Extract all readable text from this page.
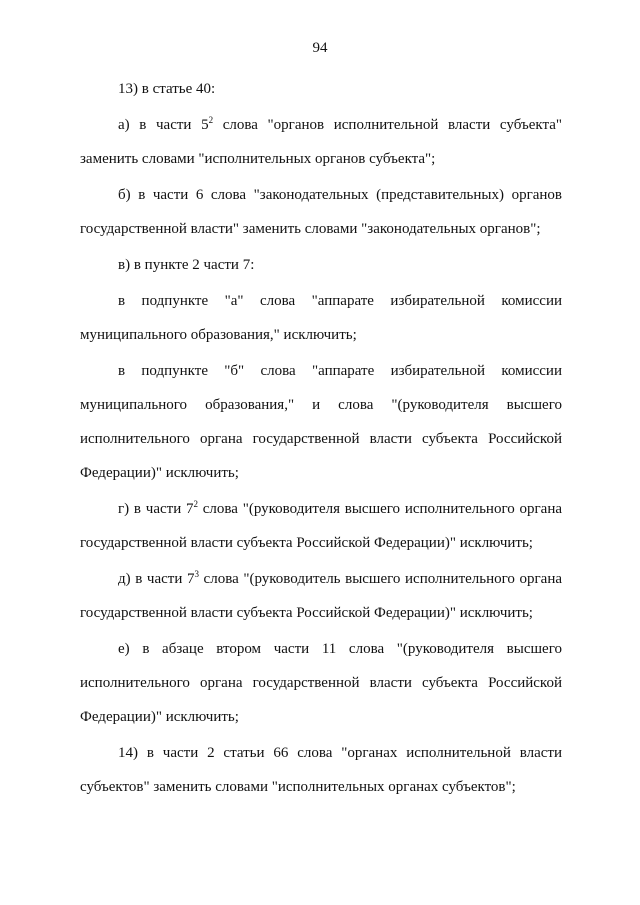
94
13) в статье 40:
а) в части $5^2$ слова "органов исполнительной власти субъекта"
заменить словами "исполнительных органов субъекта";
б) в части 6 слова "законодательных (представительных) органов
государственной власти" заменить словами "законодательных органов";
в) в пункте 2 части 7:
в подпункте "а" слова "аппарате избирательной комиссии
муниципального образования," исключить;
в подпункте "б" слова "аппарате избирательной комиссии
муниципального образования," и слова "(руководителя высшего
исполнительного органа государственной власти субъекта Российской
Федерации)" исключить;
г) в части $7^2$ слова "(руководителя высшего исполнительного органа
государственной власти субъекта Российской Федерации)" исключить;
д) в части $7^3$ слова "(руководитель высшего исполнительного органа
государственной власти субъекта Российской Федерации)" исключить;
е) в абзаце втором части 11 слова "(руководителя высшего
исполнительного органа государственной власти субъекта Российской
Федерации)" исключить;
14) в части 2 статьи 66 слова "органах исполнительной власти
субъектов" заменить словами "исполнительных органах субъектов";
